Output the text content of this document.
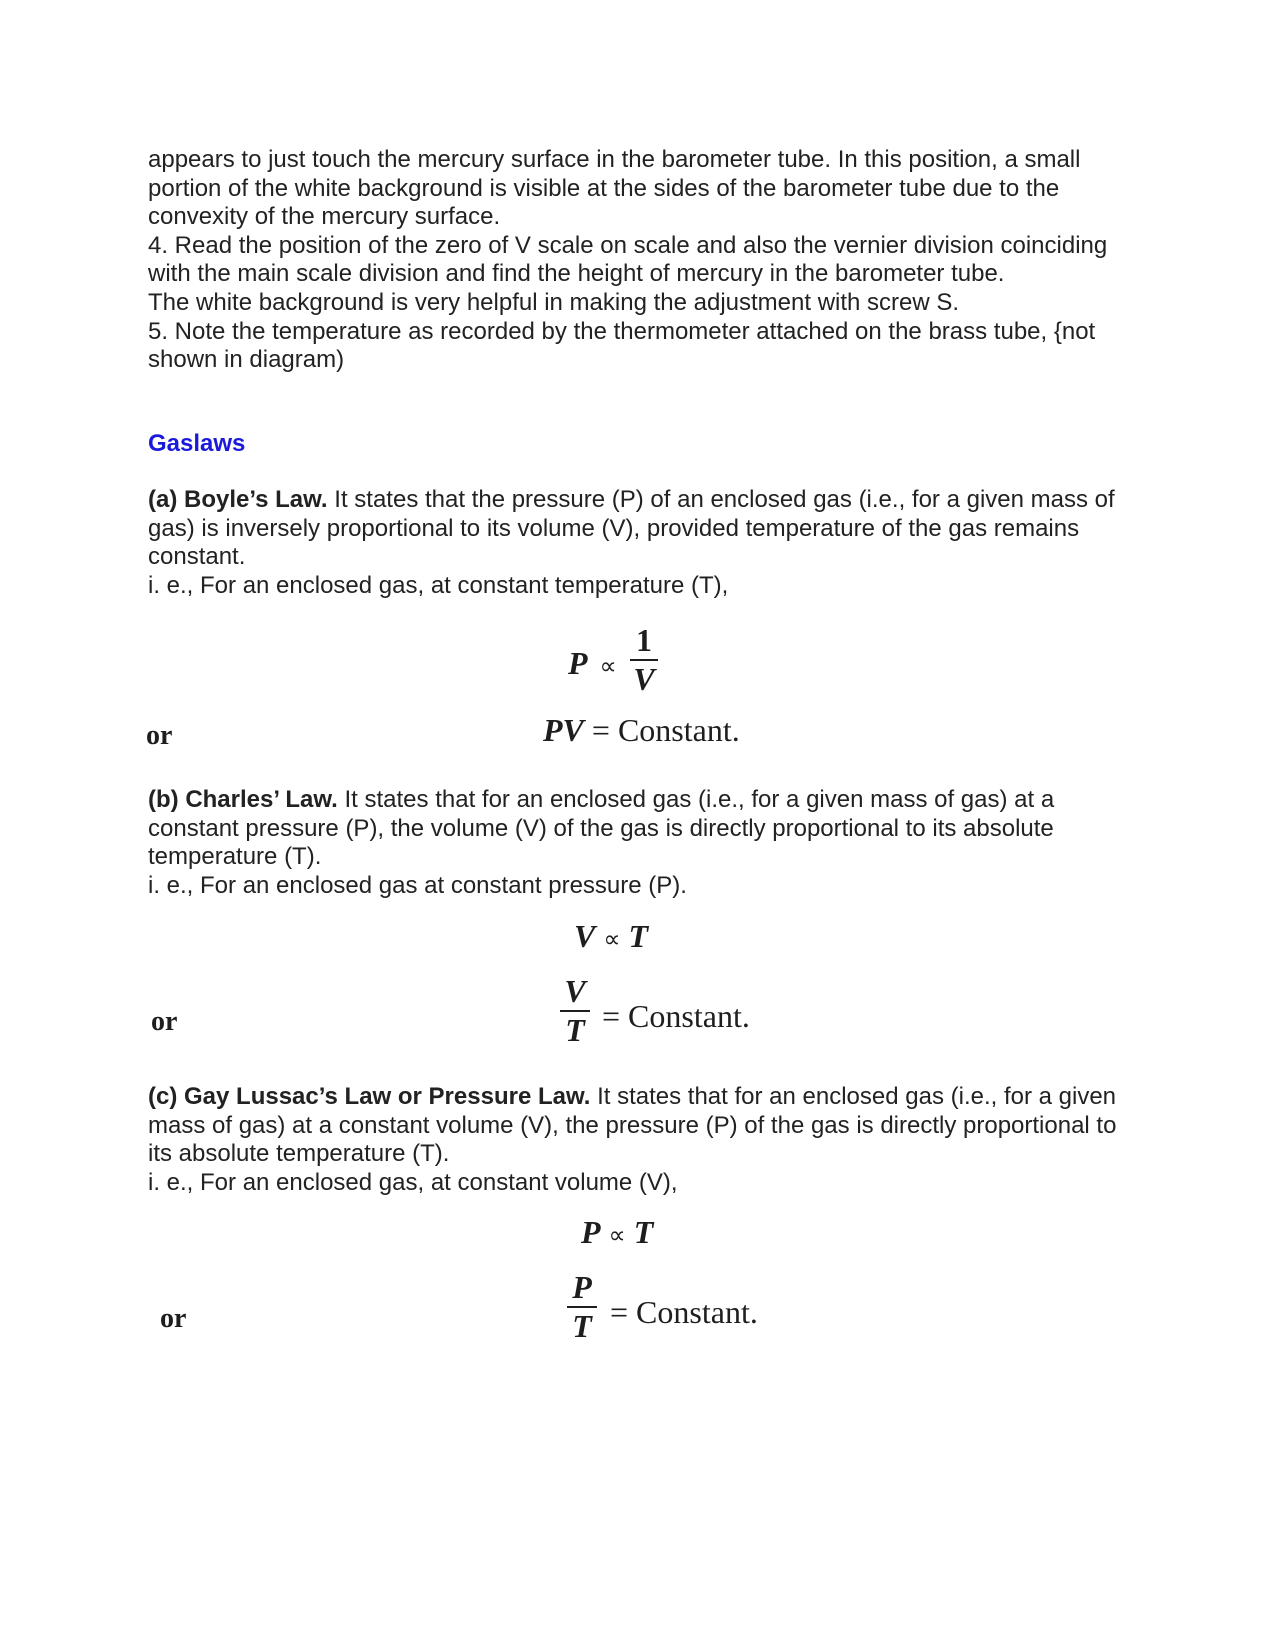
appears to just touch the mercury surface in the barometer tube. In this position, a small portion of the white background is visible at the sides of the barometer tube due to the convexity of the mercury surface.

4. Read the position of the zero of V scale on scale and also the vernier division coinciding with the main scale division and find the height of mercury in the barometer tube.

The white background is very helpful in making the adjustment with screw S.

5. Note the temperature as recorded by the thermometer attached on the brass tube, {not shown in diagram)

Gaslaws

(a) Boyle’s Law. It states that the pressure (P) of an enclosed gas (i.e., for a given mass of gas) is inversely proportional to its volume (V), provided temperature of the gas remains constant.

i. e., For an enclosed gas, at constant temperature (T),

P ∝
1
V
or	PV = Constant.

(b) Charles’ Law. It states that for an enclosed gas (i.e., for a given mass of gas) at a constant pressure (P), the volume (V) of the gas is directly proportional to its absolute temperature (T).

i. e., For an enclosed gas at constant pressure (P).

V ∝ T
or
V
T = Constant.

(c) Gay Lussac’s Law or Pressure Law. It states that for an enclosed gas (i.e., for a given mass of gas) at a constant volume (V), the pressure (P) of the gas is directly proportional to its absolute temperature (T).

i. e., For an enclosed gas, at constant volume (V),

P ∝ T
or
P
T = Constant.
